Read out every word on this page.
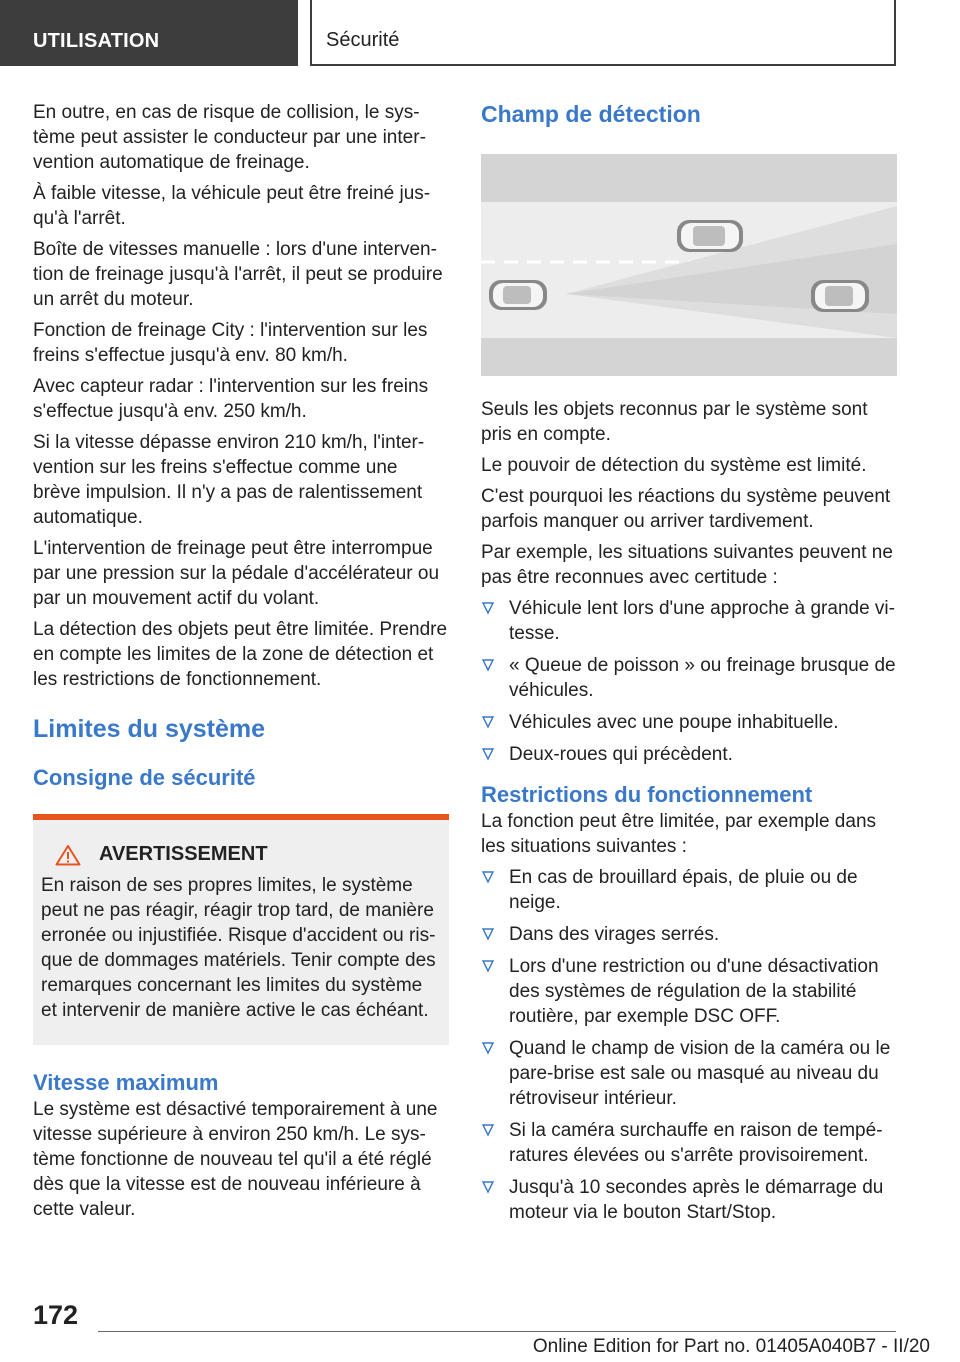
UTILISATION	Sécurité

En outre, en cas de risque de collision, le système peut assister le conducteur par une intervention automatique de freinage.

À faible vitesse, la véhicule peut être freiné jusqu'à l'arrêt.

Boîte de vitesses manuelle : lors d'une intervention de freinage jusqu'à l'arrêt, il peut se produire un arrêt du moteur.

Fonction de freinage City : l'intervention sur les freins s'effectue jusqu'à env. 80 km/h.

Avec capteur radar : l'intervention sur les freins s'effectue jusqu'à env. 250 km/h.

Si la vitesse dépasse environ 210 km/h, l'intervention sur les freins s'effectue comme une brève impulsion. Il n'y a pas de ralentissement automatique.

L'intervention de freinage peut être interrompue par une pression sur la pédale d'accélérateur ou par un mouvement actif du volant.

La détection des objets peut être limitée. Prendre en compte les limites de la zone de détection et les restrictions de fonctionnement.

Limites du système
Consigne de sécurité
AVERTISSEMENT

En raison de ses propres limites, le système peut ne pas réagir, réagir trop tard, de manière erronée ou injustifiée. Risque d'accident ou risque de dommages matériels. Tenir compte des remarques concernant les limites du système et intervenir de manière active le cas échéant.

Vitesse maximum

Le système est désactivé temporairement à une vitesse supérieure à environ 250 km/h. Le système fonctionne de nouveau tel qu'il a été réglé dès que la vitesse est de nouveau inférieure à cette valeur.

Champ de détection

Seuls les objets reconnus par le système sont pris en compte.

Le pouvoir de détection du système est limité.

C'est pourquoi les réactions du système peuvent parfois manquer ou arriver tardivement.

Par exemple, les situations suivantes peuvent ne pas être reconnues avec certitude :

Véhicule lent lors d'une approche à grande vitesse.
« Queue de poisson » ou freinage brusque de véhicules.
Véhicules avec une poupe inhabituelle.
Deux-roues qui précèdent.
Restrictions du fonctionnement

La fonction peut être limitée, par exemple dans les situations suivantes :

En cas de brouillard épais, de pluie ou de neige.
Dans des virages serrés.
Lors d'une restriction ou d'une désactivation des systèmes de régulation de la stabilité routière, par exemple DSC OFF.
Quand le champ de vision de la caméra ou le pare-brise est sale ou masqué au niveau du rétroviseur intérieur.
Si la caméra surchauffe en raison de températures élevées ou s'arrête provisoirement.
Jusqu'à 10 secondes après le démarrage du moteur via le bouton Start/Stop.
172
Online Edition for Part no. 01405A040B7 - II/20
